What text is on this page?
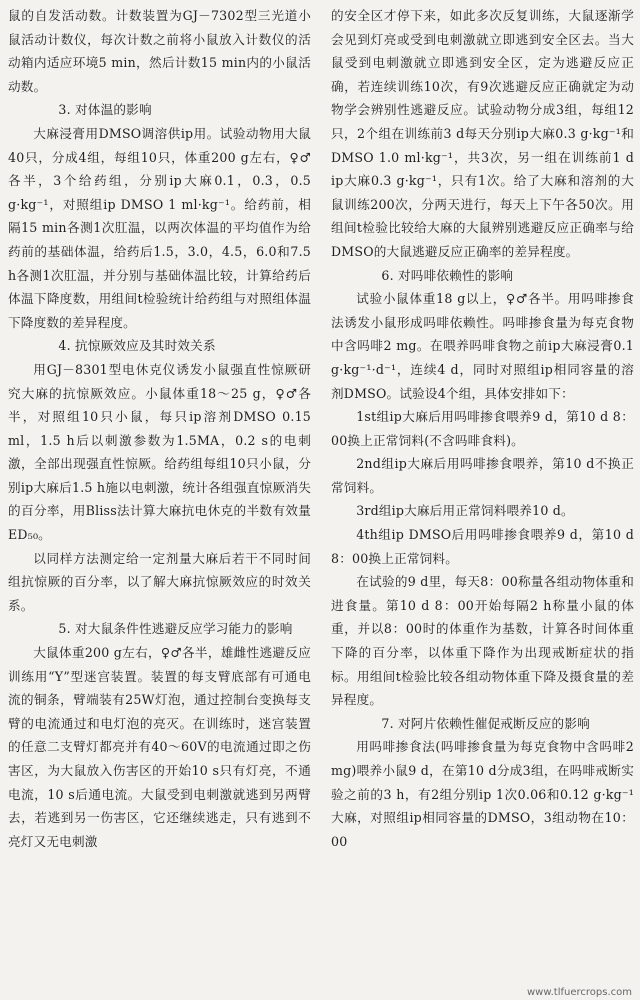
鼠的自发活动数。计数装置为GJ－7302型三光道小鼠活动计数仪，每次计数之前将小鼠放入计数仪的活动箱内适应环境5 min，然后计数15 min内的小鼠活动数。

3. 对体温的影响

大麻浸膏用DMSO调溶供ip用。试验动物用大鼠40只，分成4组，每组10只，体重200 g左右，♀♂各半，3个给药组，分别ip大麻0.1，0.3，0.5 g·kg⁻¹，对照组ip DMSO 1 ml·kg⁻¹。给药前，相隔15 min各测1次肛温，以两次体温的平均值作为给药前的基础体温，给药后1.5，3.0，4.5，6.0和7.5 h各测1次肛温，并分别与基础体温比较，计算给药后体温下降度数，用组间t检验统计给药组与对照组体温下降度数的差异程度。

4. 抗惊厥效应及其时效关系

用GJ－8301型电休克仪诱发小鼠强直性惊厥研究大麻的抗惊厥效应。小鼠体重18～25 g，♀♂各半，对照组10只小鼠，每只ip溶剂DMSO 0.15 ml，1.5 h后以刺激参数为1.5MA，0.2 s的电刺激，全部出现强直性惊厥。给药组每组10只小鼠，分别ip大麻后1.5 h施以电刺激，统计各组强直惊厥消失的百分率，用Bliss法计算大麻抗电休克的半数有效量ED₅₀。

以同样方法测定给一定剂量大麻后若干不同时间组抗惊厥的百分率，以了解大麻抗惊厥效应的时效关系。

5. 对大鼠条件性逃避反应学习能力的影响

大鼠体重200 g左右，♀♂各半，雄雌性逃避反应训练用“Y”型迷宫装置。装置的每支臂底部有可通电流的铜条，臂端装有25W灯泡，通过控制台变换每支臂的电流通过和电灯泡的亮灭。在训练时，迷宫装置的任意二支臂灯都亮并有40～60V的电流通过即之伤害区，为大鼠放入伤害区的开始10 s只有灯亮，不通电流，10 s后通电流。大鼠受到电刺激就逃到另两臂去，若逃到另一伤害区，它还继续逃走，只有逃到不亮灯又无电刺激

的安全区才停下来，如此多次反复训练，大鼠逐渐学会见到灯亮或受到电刺激就立即逃到安全区去。当大鼠受到电刺激就立即逃到安全区，定为逃避反应正确，若连续训练10次，有9次逃避反应正确就定为动物学会辨别性逃避反应。试验动物分成3组，每组12只，2个组在训练前3 d每天分别ip大麻0.3 g·kg⁻¹和DMSO 1.0 ml·kg⁻¹，共3次，另一组在训练前1 d ip大麻0.3 g·kg⁻¹，只有1次。给了大麻和溶剂的大鼠训练200次，分两天进行，每天上下午各50次。用组间t检验比较给大麻的大鼠辨别逃避反应正确率与给DMSO的大鼠逃避反应正确率的差异程度。

6. 对吗啡依赖性的影响

试验小鼠体重18 g以上，♀♂各半。用吗啡掺食法诱发小鼠形成吗啡依赖性。吗啡掺食量为每克食物中含吗啡2 mg。在喂养吗啡食物之前ip大麻浸膏0.1 g·kg⁻¹·d⁻¹，连续4 d，同时对照组ip相同容量的溶剂DMSO。试验设4个组，具体安排如下：

1st组ip大麻后用吗啡掺食喂养9 d，第10 d 8：00换上正常饲料(不含吗啡食料)。

2nd组ip大麻后用吗啡掺食喂养，第10 d不换正常饲料。

3rd组ip大麻后用正常饲料喂养10 d。

4th组ip DMSO后用吗啡掺食喂养9 d，第10 d 8：00换上正常饲料。

在试验的9 d里，每天8：00称量各组动物体重和进食量。第10 d 8：00开始每隔2 h称量小鼠的体重，并以8：00时的体重作为基数，计算各时间体重下降的百分率，以体重下降作为出现戒断症状的指标。用组间t检验比较各组动物体重下降及摄食量的差异程度。

7. 对阿片依赖性催促戒断反应的影响

用吗啡掺食法(吗啡掺食量为每克食物中含吗啡2 mg)喂养小鼠9 d，在第10 d分成3组，在吗啡戒断实验之前的3 h，有2组分别ip 1次0.06和0.12 g·kg⁻¹大麻，对照组ip相同容量的DMSO，3组动物在10：00

www.tlfuercrops.com
